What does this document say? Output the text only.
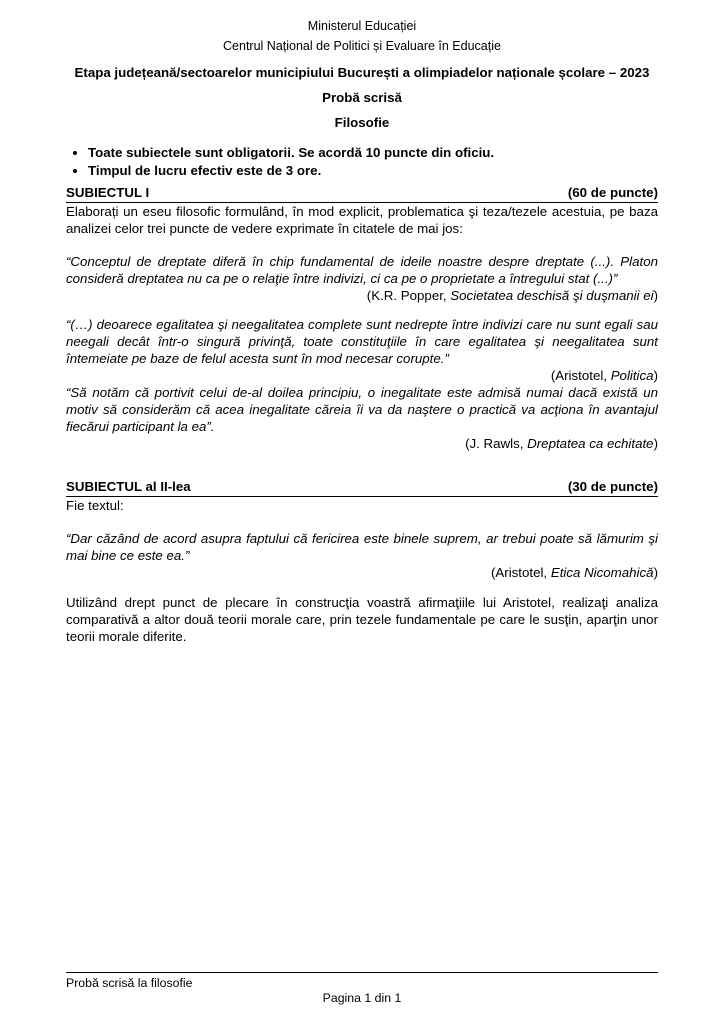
Ministerul Educației
Centrul Național de Politici și Evaluare în Educație
Etapa județeană/sectoarelor municipiului București a olimpiadelor naționale școlare – 2023
Probă scrisă
Filosofie
• Toate subiectele sunt obligatorii. Se acordă 10 puncte din oficiu.
• Timpul de lucru efectiv este de 3 ore.
SUBIECTUL I	(60 de puncte)

Elaborați un eseu filosofic formulând, în mod explicit, problematica şi teza/tezele acestuia, pe baza analizei celor trei puncte de vedere exprimate în citatele de mai jos:

“Conceptul de dreptate diferă în chip fundamental de ideile noastre despre dreptate (...). Platon consideră dreptatea nu ca pe o relaţie între indivizi, ci ca pe o proprietate a întregului stat (...)”

(K.R. Popper, Societatea deschisă şi duşmanii ei)

“(…) deoarece egalitatea şi neegalitatea complete sunt nedrepte între indivizi care nu sunt egali sau neegali decât într-o singură privinţă, toate constituţiile în care egalitatea şi neegalitatea sunt întemeiate pe baze de felul acesta sunt în mod necesar corupte.”

(Aristotel, Politica)

“Să notăm că portivit celui de-al doilea principiu, o inegalitate este admisă numai dacă există un motiv să considerăm că acea inegalitate căreia îi va da naştere o practică va acţiona în avantajul fiecărui participant la ea”.

(J. Rawls, Dreptatea ca echitate)
SUBIECTUL al II-lea	(30 de puncte)

Fie textul:

“Dar căzând de acord asupra faptului că fericirea este binele suprem, ar trebui poate să lămurim şi mai bine ce este ea.”

(Aristotel, Etica Nicomahică)

Utilizând drept punct de plecare în construcţia voastră afirmaţiile lui Aristotel, realizaţi analiza comparativă a altor două teorii morale care, prin tezele fundamentale pe care le susţin, aparţin unor teorii morale diferite.

Probă scrisă la filosofie
Pagina 1 din 1
